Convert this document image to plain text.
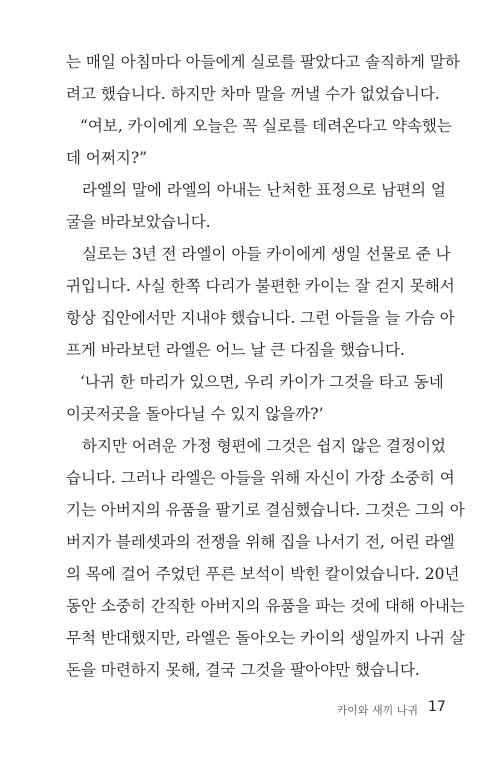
는 매일 아침마다 아들에게 실로를 팔았다고 솔직하게 말하
려고 했습니다. 하지만 차마 말을 꺼낼 수가 없었습니다.
“여보, 카이에게 오늘은 꼭 실로를 데려온다고 약속했는
데 어쩌지?”
라엘의 말에 라엘의 아내는 난처한 표정으로 남편의 얼
굴을 바라보았습니다.
실로는 3년 전 라엘이 아들 카이에게 생일 선물로 준 나
귀입니다. 사실 한쪽 다리가 불편한 카이는 잘 걷지 못해서
항상 집안에서만 지내야 했습니다. 그런 아들을 늘 가슴 아
프게 바라보던 라엘은 어느 날 큰 다짐을 했습니다.
‘나귀 한 마리가 있으면, 우리 카이가 그것을 타고 동네
이곳저곳을 돌아다닐 수 있지 않을까?’
하지만 어려운 가정 형편에 그것은 쉽지 않은 결정이었
습니다. 그러나 라엘은 아들을 위해 자신이 가장 소중히 여
기는 아버지의 유품을 팔기로 결심했습니다. 그것은 그의 아
버지가 블레셋과의 전쟁을 위해 집을 나서기 전, 어린 라엘
의 목에 걸어 주었던 푸른 보석이 박힌 칼이었습니다. 20년
동안 소중히 간직한 아버지의 유품을 파는 것에 대해 아내는
무척 반대했지만, 라엘은 돌아오는 카이의 생일까지 나귀 살
돈을 마련하지 못해, 결국 그것을 팔아야만 했습니다.
카이와 새끼 나귀 17
